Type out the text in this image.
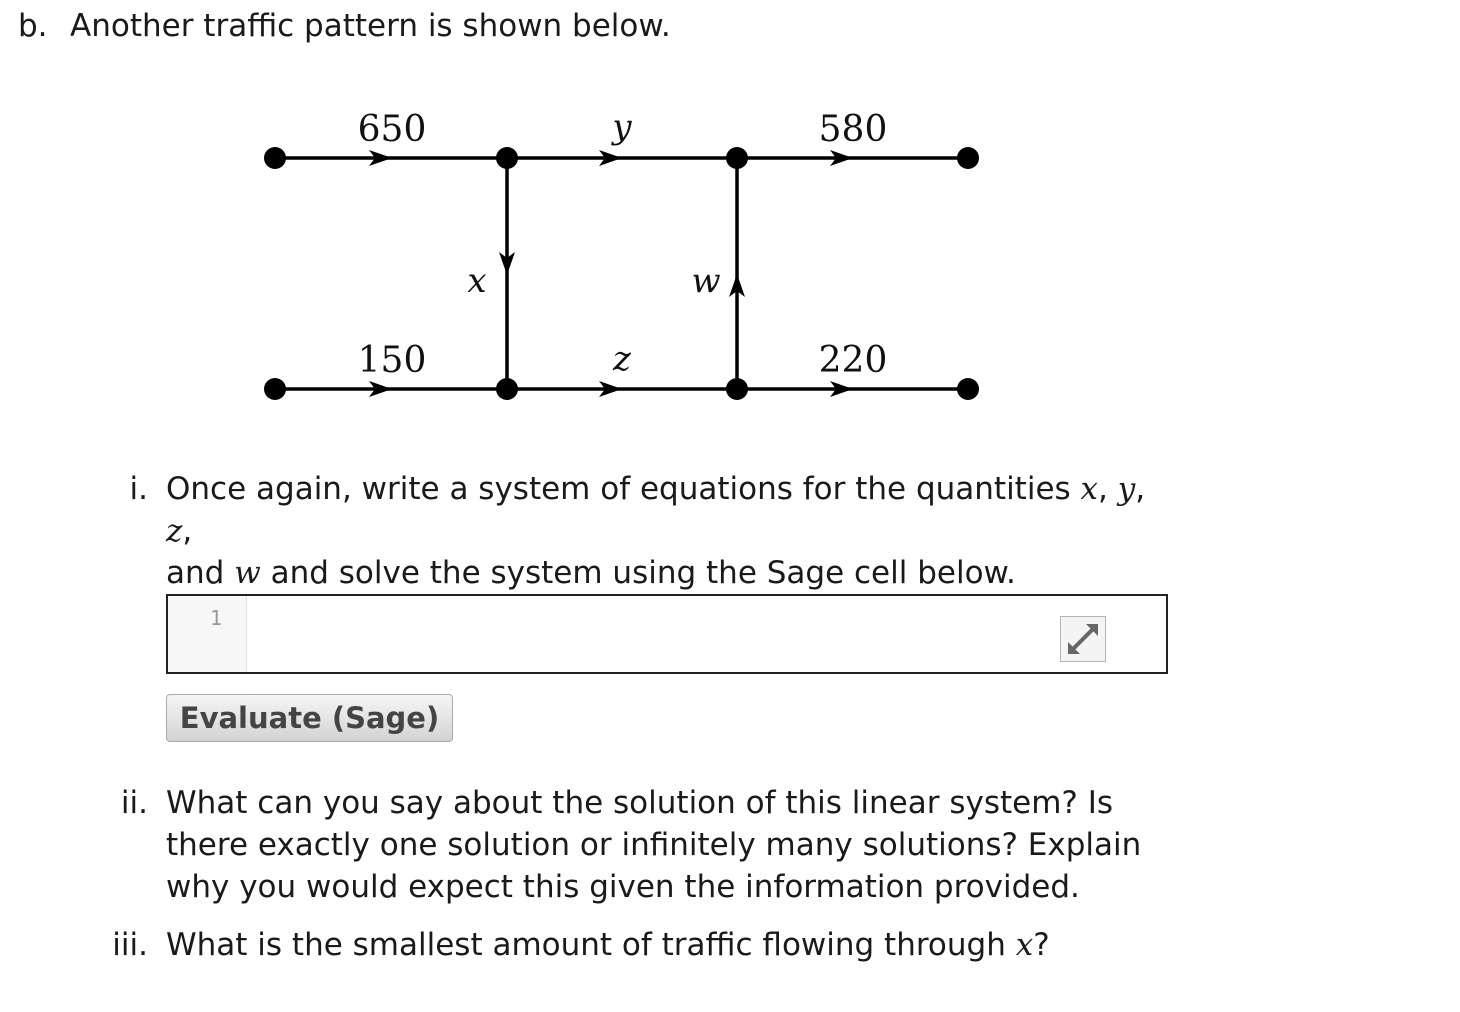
b. Another traffic pattern is shown below.
650	y	580
x	w
150	z	220
i. Once again, write a system of equations for the quantities x, y, z,
and w and solve the system using the Sage cell below.
1
Evaluate (Sage)
ii. What can you say about the solution of this linear system? Is there exactly one solution or infinitely many solutions? Explain why you would expect this given the information provided.
iii. What is the smallest amount of traffic flowing through x?
